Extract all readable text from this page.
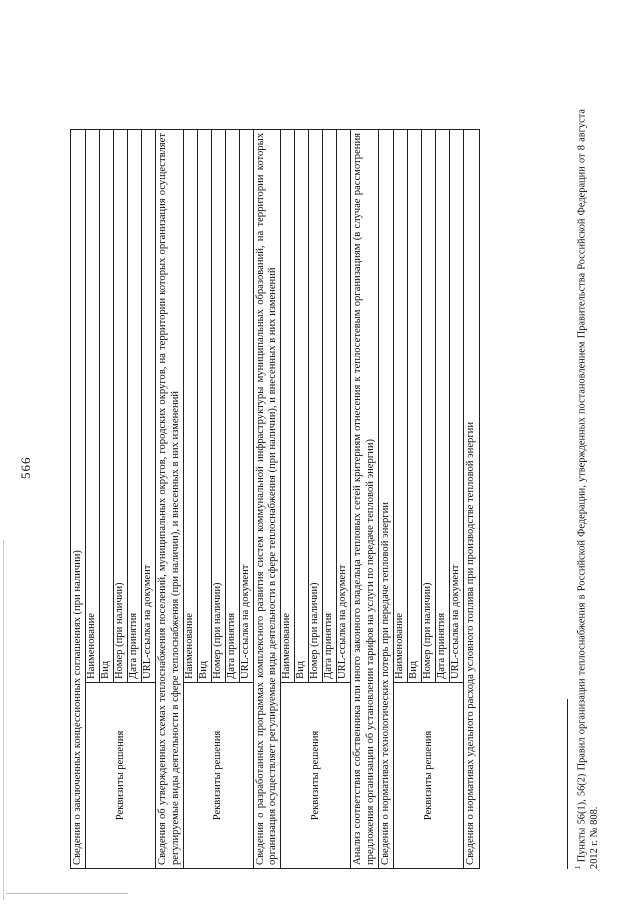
566
Сведения о заключенных концессионных соглашениях (при наличии)	
Реквизиты решения	Наименование
	Вид
	Номер (при наличии)
	Дата принятия
	URL-ссылка на документ
Сведения об утвержденных схемах теплоснабжения поселений, муниципальных округов, городских округов, на территории которых организация осуществляет регулируемые виды деятельности в сфере теплоснабжения (при наличии), и внесенных в них изменений	
Реквизиты решения	Наименование
	Вид
	Номер (при наличии)
	Дата принятия
	URL-ссылка на документ
Сведения о разработанных программах комплексного развития систем коммунальной инфраструктуры муниципальных образований, на территории которых организация осуществляет регулируемые виды деятельности в сфере теплоснабжения (при наличии), и внесенных в них изменений	
Реквизиты решения	Наименование
	Вид
	Номер (при наличии)
	Дата принятия
	URL-ссылка на документ
Анализ соответствия собственника или иного законного владельца тепловых сетей критериям отнесения к теплосетевым организациям (в случае рассмотрения предложения организации об установлении тарифов на услуги по передаче тепловой энергии)	
Сведения о нормативах технологических потерь при передаче тепловой энергии	
Реквизиты решения	Наименование
	Вид
	Номер (при наличии)
	Дата принятия
	URL-ссылка на документ
Сведения о нормативах удельного расхода условного топлива при производстве тепловой энергии	
$^1$ Пункты 56(1), 56(2) Правил организации теплоснабжения в Российской Федерации, утвержденных постановлением Правительства Российской Федерации от 8 августа 2012 г. № 808.
